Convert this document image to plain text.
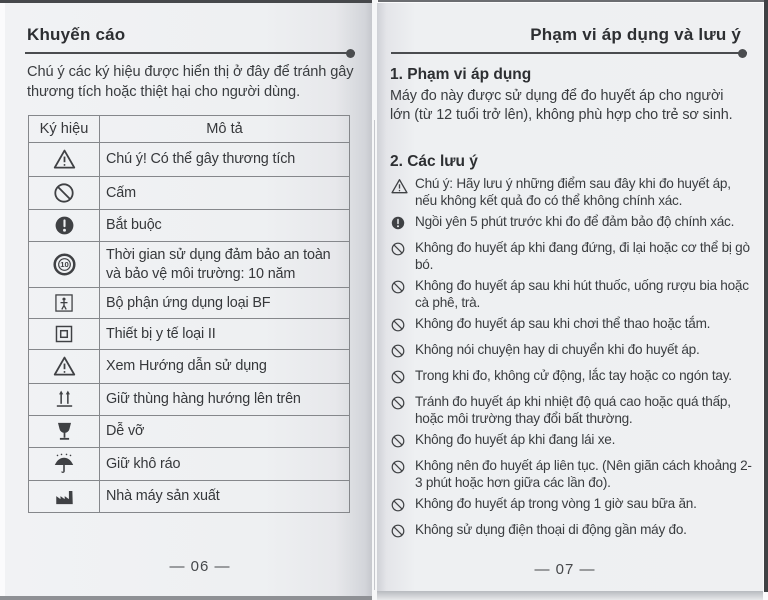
Khuyến cáo
Chú ý các ký hiệu được hiển thị ở đây để tránh gây thương tích hoặc thiệt hại cho người dùng.
Ký hiệu	Mô tả
	Chú ý! Có thể gây thương tích
	Cấm
	Bắt buộc
	Thời gian sử dụng đảm bảo an toàn và bảo vệ môi trường: 10 năm
	Bộ phận ứng dụng loại BF
	Thiết bị y tế loại II
	Xem Hướng dẫn sử dụng
	Giữ thùng hàng hướng lên trên
	Dễ vỡ
	Giữ khô ráo
	Nhà máy sản xuất
— 06 —
Phạm vi áp dụng và lưu ý
1. Phạm vi áp dụng
Máy đo này được sử dụng để đo huyết áp cho người lớn (từ 12 tuổi trở lên), không phù hợp cho trẻ sơ sinh.
2. Các lưu ý

Chú ý: Hãy lưu ý những điểm sau đây khi đo huyết áp, nếu không kết quả đo có thể không chính xác.

Ngồi yên 5 phút trước khi đo để đảm bảo độ chính xác.

Không đo huyết áp khi đang đứng, đi lại hoặc cơ thể bị gò bó.

Không đo huyết áp sau khi hút thuốc, uống rượu bia hoặc cà phê, trà.

Không đo huyết áp sau khi chơi thể thao hoặc tắm.

Không nói chuyện hay di chuyển khi đo huyết áp.

Trong khi đo, không cử động, lắc tay hoặc co ngón tay.

Tránh đo huyết áp khi nhiệt độ quá cao hoặc quá thấp, hoặc môi trường thay đổi bất thường.

Không đo huyết áp khi đang lái xe.

Không nên đo huyết áp liên tục. (Nên giãn cách khoảng 2-3 phút hoặc hơn giữa các lần đo).

Không đo huyết áp trong vòng 1 giờ sau bữa ăn.

Không sử dụng điện thoại di động gần máy đo.

— 07 —
